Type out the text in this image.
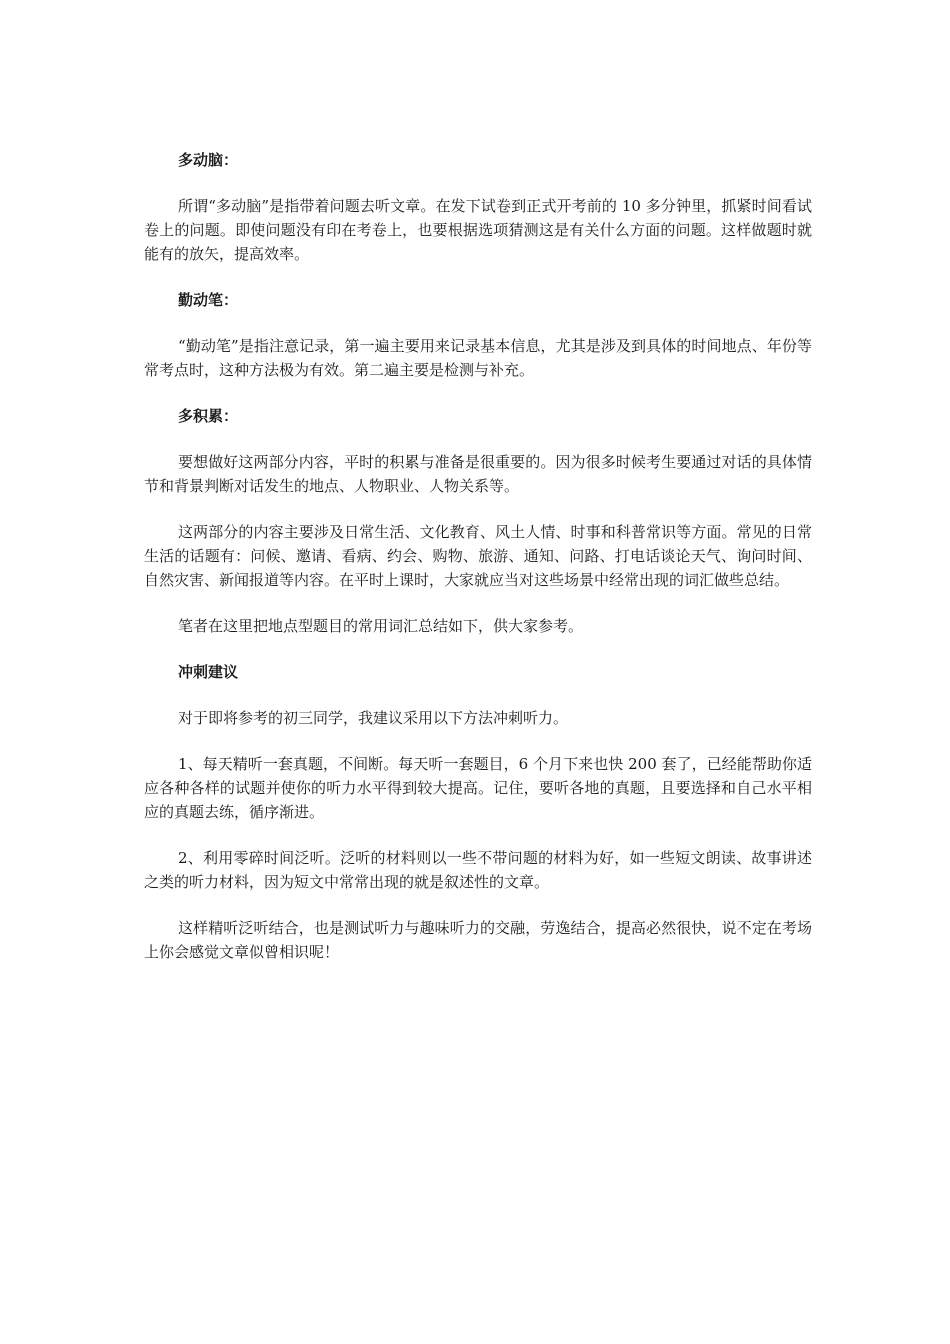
多动脑：

所谓“多动脑”是指带着问题去听文章。在发下试卷到正式开考前的 10 多分钟里，抓紧时间看试卷上的问题。即使问题没有印在考卷上，也要根据选项猜测这是有关什么方面的问题。这样做题时就能有的放矢，提高效率。

勤动笔：

“勤动笔”是指注意记录，第一遍主要用来记录基本信息，尤其是涉及到具体的时间地点、年份等常考点时，这种方法极为有效。第二遍主要是检测与补充。

多积累：

要想做好这两部分内容，平时的积累与准备是很重要的。因为很多时候考生要通过对话的具体情节和背景判断对话发生的地点、人物职业、人物关系等。

这两部分的内容主要涉及日常生活、文化教育、风土人情、时事和科普常识等方面。常见的日常生活的话题有：问候、邀请、看病、约会、购物、旅游、通知、问路、打电话谈论天气、询问时间、自然灾害、新闻报道等内容。在平时上课时，大家就应当对这些场景中经常出现的词汇做些总结。

笔者在这里把地点型题目的常用词汇总结如下，供大家参考。

冲刺建议

对于即将参考的初三同学，我建议采用以下方法冲刺听力。

1、每天精听一套真题，不间断。每天听一套题目，6 个月下来也快 200 套了，已经能帮助你适应各种各样的试题并使你的听力水平得到较大提高。记住，要听各地的真题，且要选择和自己水平相应的真题去练，循序渐进。

2、利用零碎时间泛听。泛听的材料则以一些不带问题的材料为好，如一些短文朗读、故事讲述之类的听力材料，因为短文中常常出现的就是叙述性的文章。

这样精听泛听结合，也是测试听力与趣味听力的交融，劳逸结合，提高必然很快，说不定在考场上你会感觉文章似曾相识呢！
